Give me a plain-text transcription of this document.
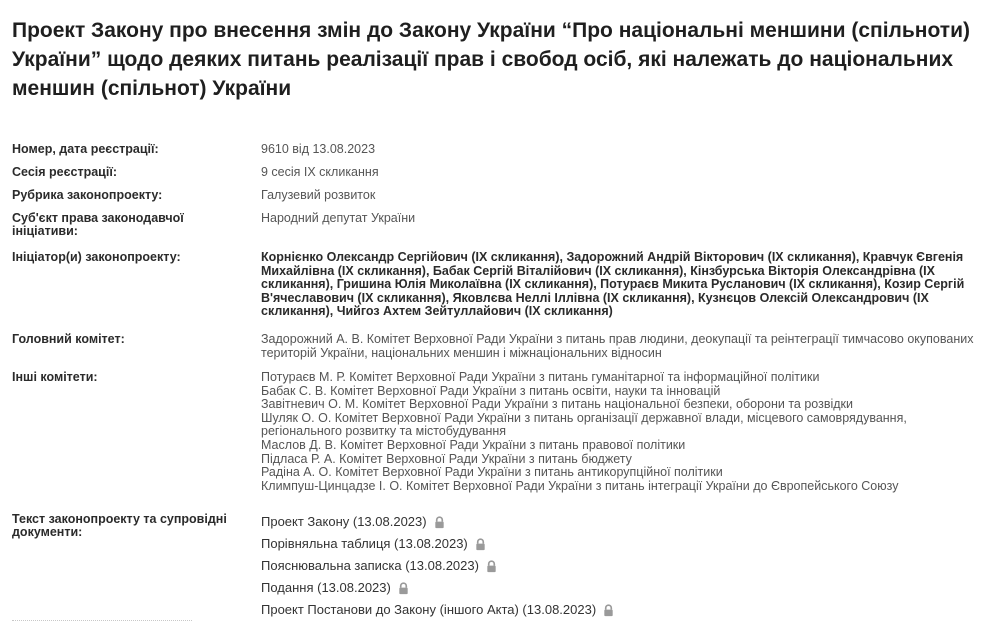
Проект Закону про внесення змін до Закону України “Про національні меншини (спільноти) України” щодо деяких питань реалізації прав і свобод осіб, які належать до національних меншин (спільнот) України
Номер, дата реєстрації:	9610 від 13.08.2023
Сесія реєстрації:	9 сесія IX скликання
Рубрика законопроекту:	Галузевий розвиток
Суб'єкт права законодавчої ініціативи:
Народний депутат України
Ініціатор(и) законопроекту:	Корнієнко Олександр Сергійович (IX скликання), Задорожний Андрій Вікторович (IX скликання), Кравчук Євгенія Михайлівна (IX скликання), Бабак Сергій Віталійович (IX скликання), Кінзбурська Вікторія Олександрівна (IX скликання), Гришина Юлія Миколаївна (IX скликання), Потураєв Микита Русланович (IX скликання), Козир Сергій В'ячеславович (IX скликання), Яковлєва Неллі Іллівна (IX скликання), Кузнєцов Олексій Олександрович (IX скликання), Чийгоз Ахтем Зейтуллайович (IX скликання)
Головний комітет:	Задорожний А. В. Комітет Верховної Ради України з питань прав людини, деокупації та реінтеграції тимчасово окупованих територій України, національних меншин і міжнаціональних відносин
Інші комітети:	Потураєв М. Р. Комітет Верховної Ради України з питань гуманітарної та інформаційної політики
Бабак С. В. Комітет Верховної Ради України з питань освіти, науки та інновацій
Завітневич О. М. Комітет Верховної Ради України з питань національної безпеки, оборони та розвідки
Шуляк О. О. Комітет Верховної Ради України з питань організації державної влади, місцевого самоврядування, регіонального розвитку та містобудування
Маслов Д. В. Комітет Верховної Ради України з питань правової політики
Підласа Р. А. Комітет Верховної Ради України з питань бюджету
Радіна А. О. Комітет Верховної Ради України з питань антикорупційної політики
Климпуш-Цинцадзе І. О. Комітет Верховної Ради України з питань інтеграції України до Європейського Союзу
Текст законопроекту та супровідні документи:
Проект Закону (13.08.2023)
Порівняльна таблиця (13.08.2023)
Пояснювальна записка (13.08.2023)
Подання (13.08.2023)
Проект Постанови до Закону (іншого Акта) (13.08.2023)
